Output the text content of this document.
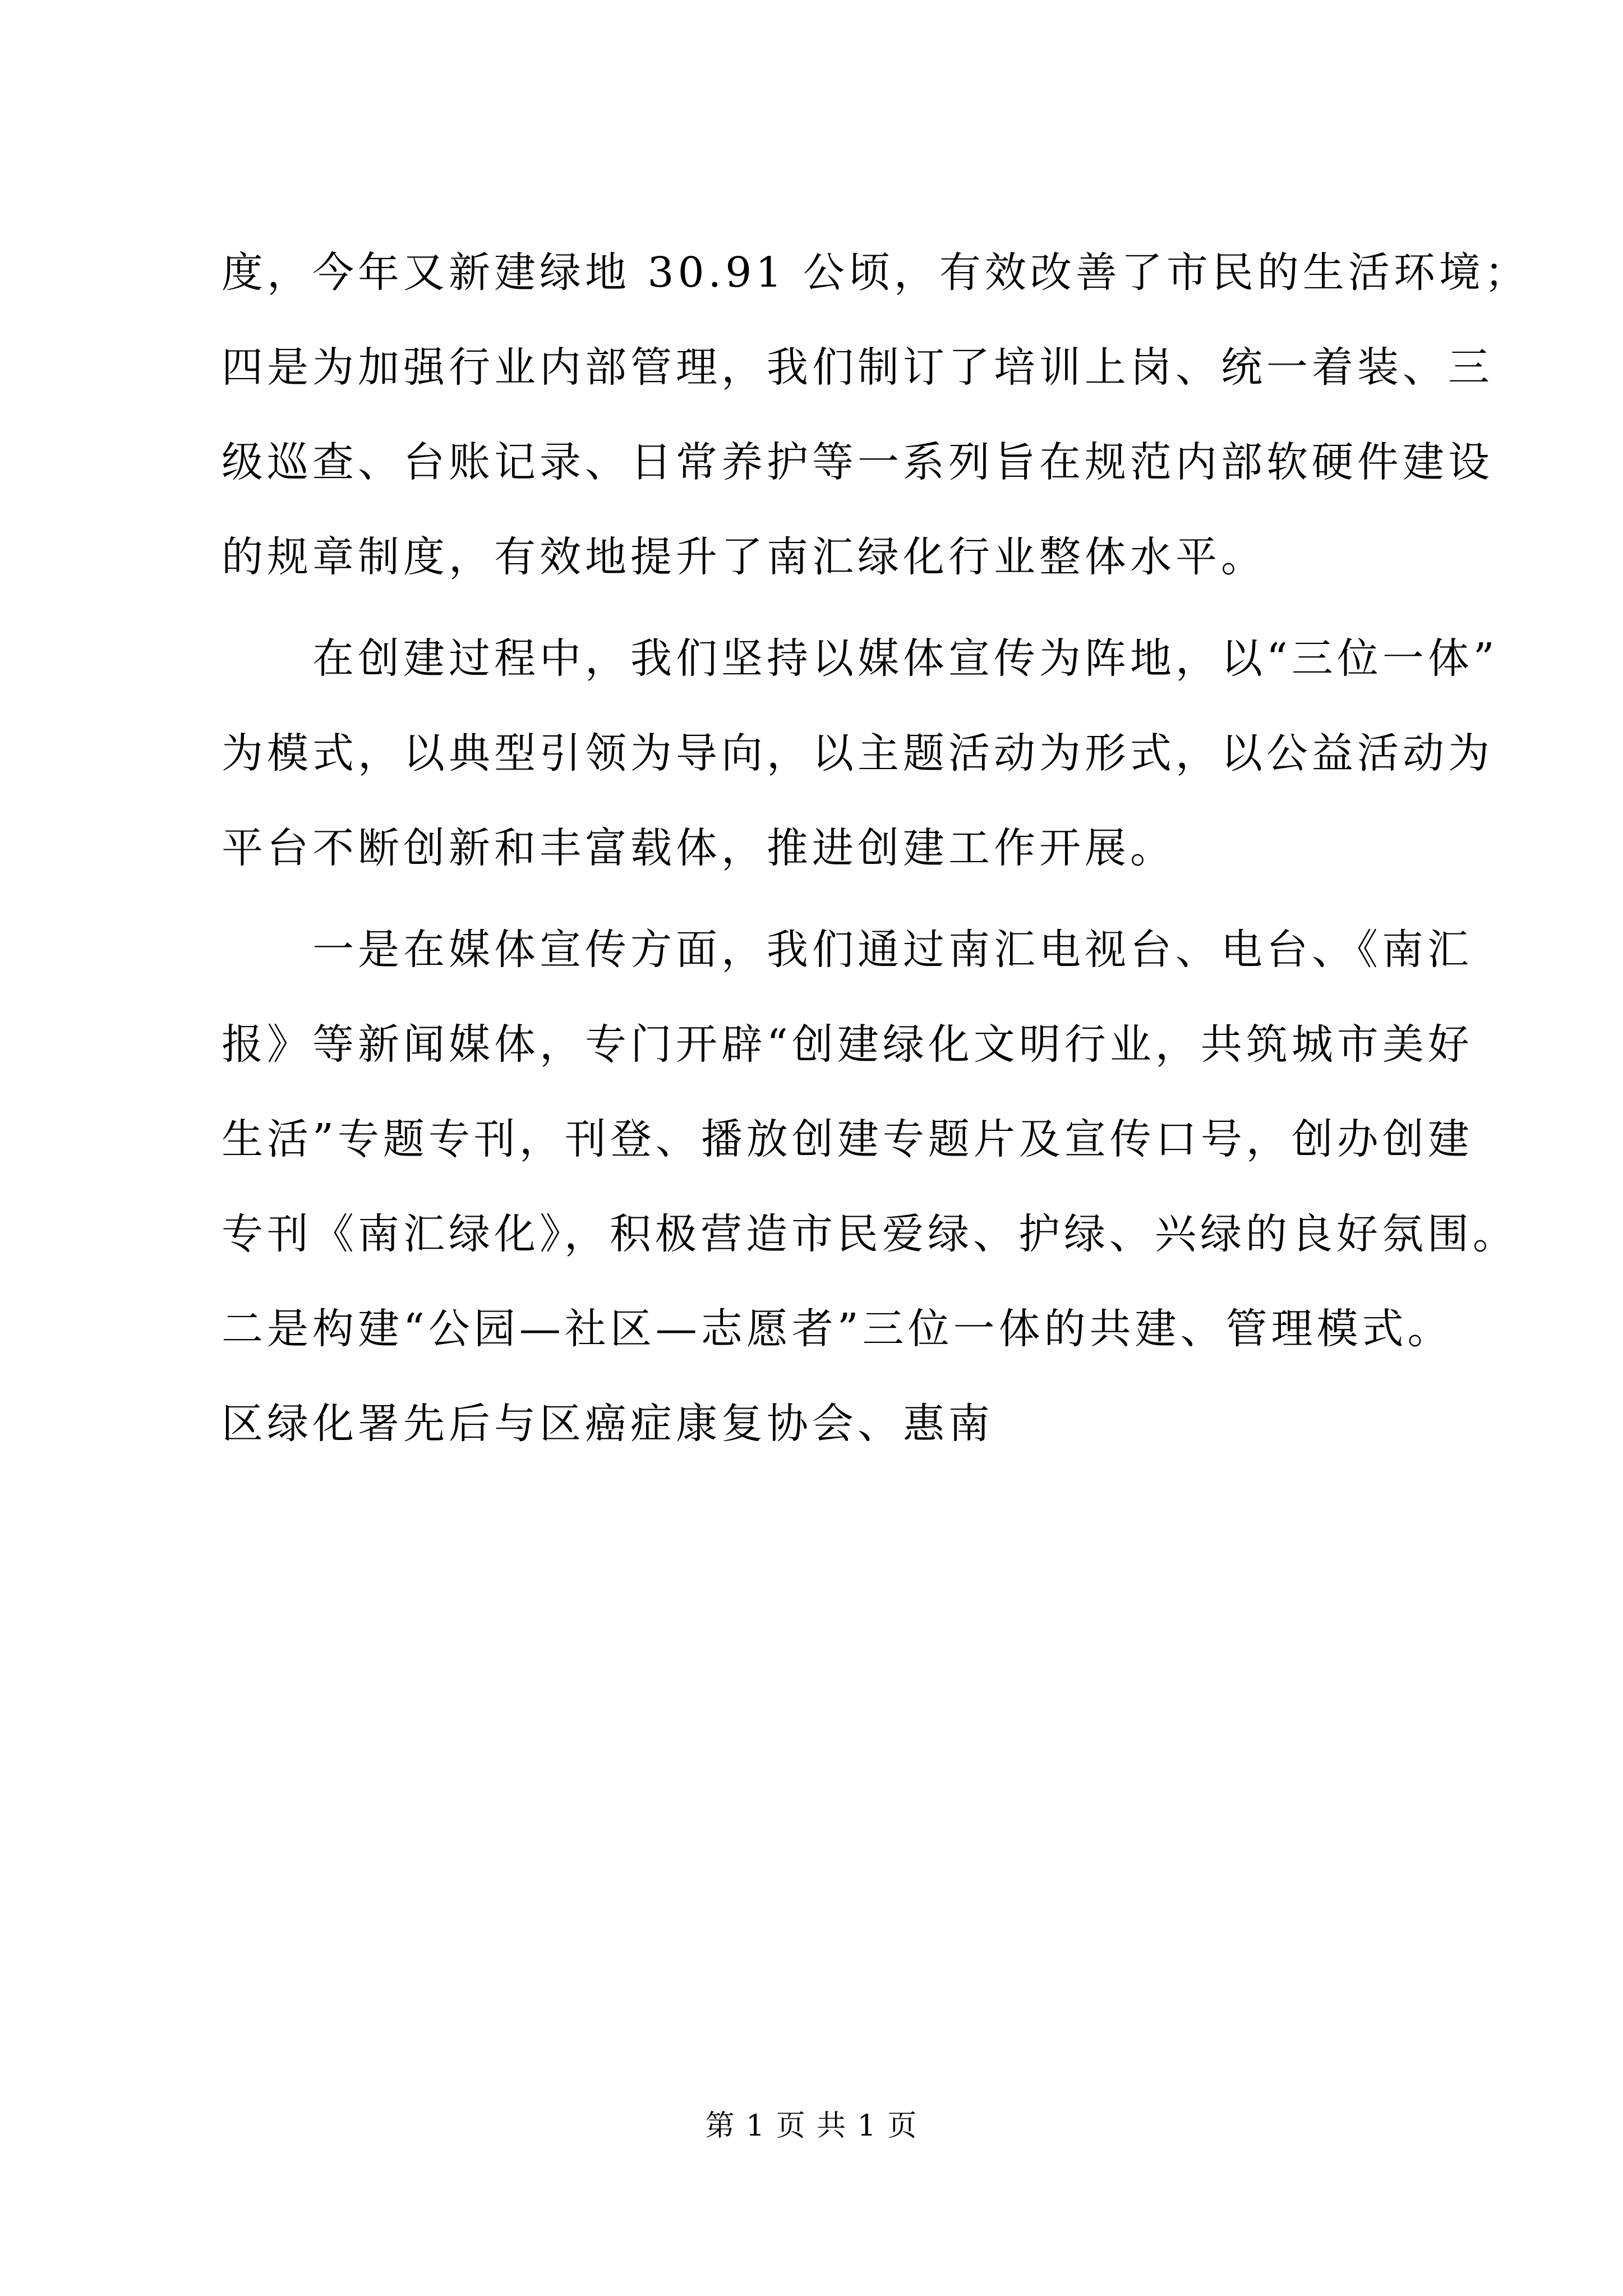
度，今年又新建绿地 30.91 公顷，有效改善了市民的生活环境；
四是为加强行业内部管理，我们制订了培训上岗、统一着装、三
级巡查、台账记录、日常养护等一系列旨在规范内部软硬件建设
的规章制度，有效地提升了南汇绿化行业整体水平。
　　在创建过程中，我们坚持以媒体宣传为阵地，以“三位一体”
为模式，以典型引领为导向，以主题活动为形式，以公益活动为
平台不断创新和丰富载体，推进创建工作开展。
　　一是在媒体宣传方面，我们通过南汇电视台、电台、《南汇
报》等新闻媒体，专门开辟“创建绿化文明行业，共筑城市美好
生活”专题专刊，刊登、播放创建专题片及宣传口号，创办创建
专刊《南汇绿化》，积极营造市民爱绿、护绿、兴绿的良好氛围。
二是构建“公园—社区—志愿者”三位一体的共建、管理模式。
区绿化署先后与区癌症康复协会、惠南
第 1 页 共 1 页
